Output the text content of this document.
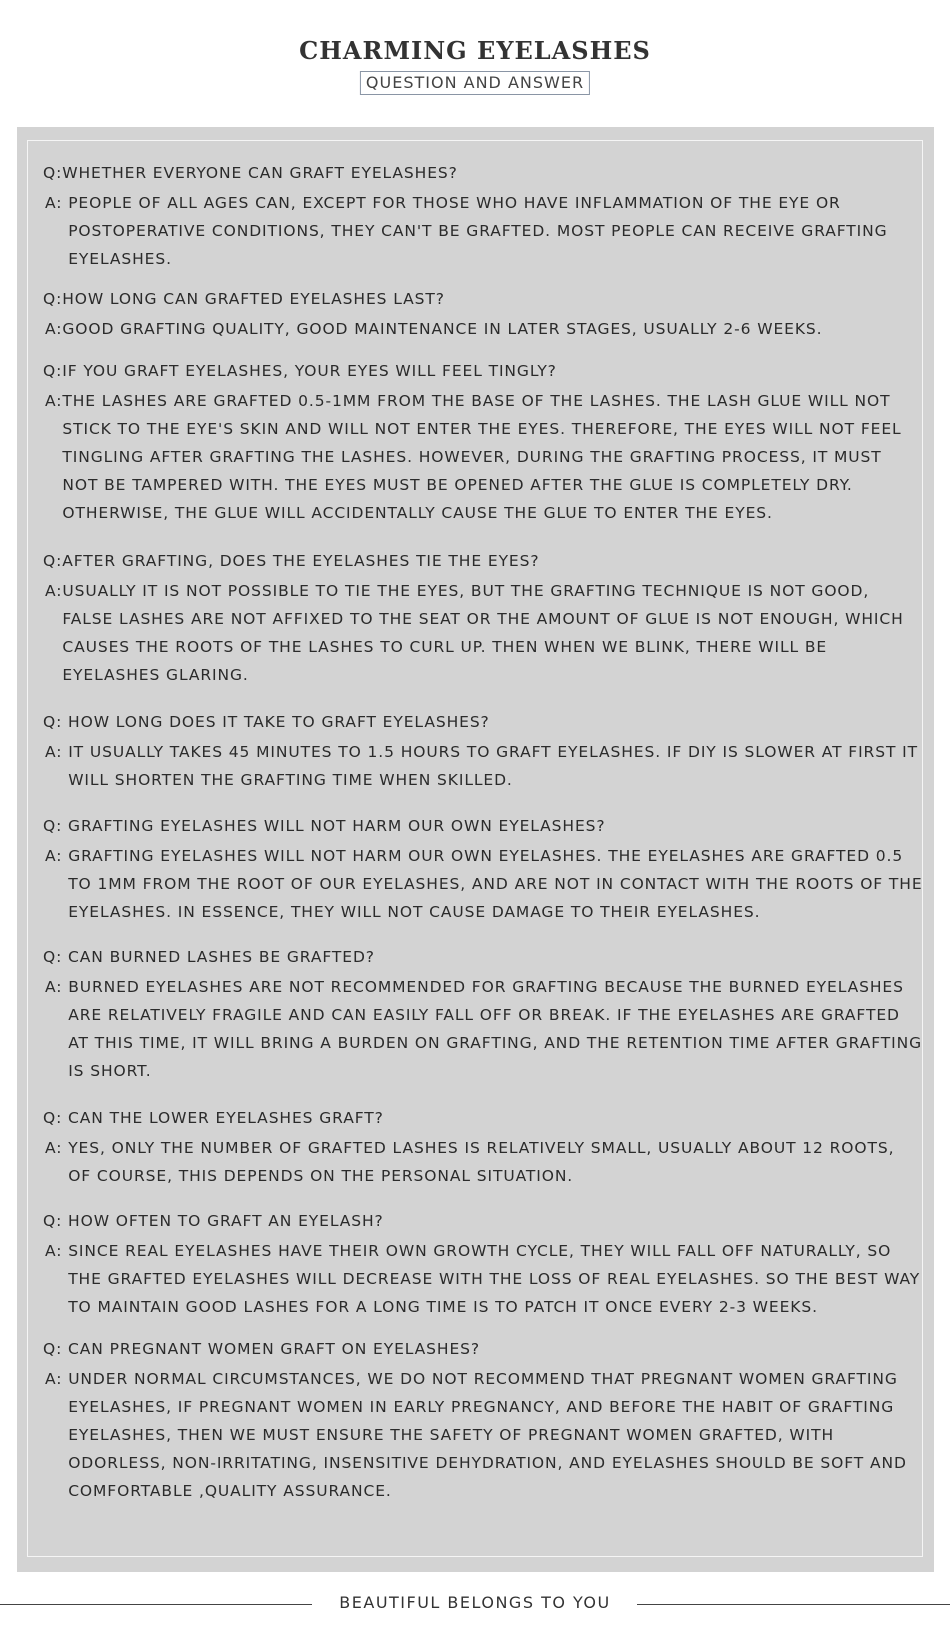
CHARMING EYELASHES
QUESTION AND ANSWER
Q:WHETHER EVERYONE CAN GRAFT EYELASHES?
A: PEOPLE OF ALL AGES CAN, EXCEPT FOR THOSE WHO HAVE INFLAMMATION OF THE EYE OR POSTOPERATIVE CONDITIONS, THEY CAN'T BE GRAFTED. MOST PEOPLE CAN RECEIVE GRAFTING EYELASHES.
Q:HOW LONG CAN GRAFTED EYELASHES LAST?
A: GOOD GRAFTING QUALITY, GOOD MAINTENANCE IN LATER STAGES, USUALLY 2-6 WEEKS.
Q:IF YOU GRAFT EYELASHES, YOUR EYES WILL FEEL TINGLY?
A: THE LASHES ARE GRAFTED 0.5-1MM FROM THE BASE OF THE LASHES. THE LASH GLUE WILL NOT STICK TO THE EYE'S SKIN AND WILL NOT ENTER THE EYES. THEREFORE, THE EYES WILL NOT FEEL TINGLING AFTER GRAFTING THE LASHES. HOWEVER, DURING THE GRAFTING PROCESS, IT MUST NOT BE TAMPERED WITH. THE EYES MUST BE OPENED AFTER THE GLUE IS COMPLETELY DRY. OTHERWISE, THE GLUE WILL ACCIDENTALLY CAUSE THE GLUE TO ENTER THE EYES.
Q:AFTER GRAFTING, DOES THE EYELASHES TIE THE EYES?
A: USUALLY IT IS NOT POSSIBLE TO TIE THE EYES, BUT THE GRAFTING TECHNIQUE IS NOT GOOD, FALSE LASHES ARE NOT AFFIXED TO THE SEAT OR THE AMOUNT OF GLUE IS NOT ENOUGH, WHICH CAUSES THE ROOTS OF THE LASHES TO CURL UP. THEN WHEN WE BLINK, THERE WILL BE EYELASHES GLARING.
Q: HOW LONG DOES IT TAKE TO GRAFT EYELASHES?
A: IT USUALLY TAKES 45 MINUTES TO 1.5 HOURS TO GRAFT EYELASHES. IF DIY IS SLOWER AT FIRST IT WILL SHORTEN THE GRAFTING TIME WHEN SKILLED.
Q: GRAFTING EYELASHES WILL NOT HARM OUR OWN EYELASHES?
A: GRAFTING EYELASHES WILL NOT HARM OUR OWN EYELASHES. THE EYELASHES ARE GRAFTED 0.5 TO 1MM FROM THE ROOT OF OUR EYELASHES, AND ARE NOT IN CONTACT WITH THE ROOTS OF THE EYELASHES. IN ESSENCE, THEY WILL NOT CAUSE DAMAGE TO THEIR EYELASHES.
Q: CAN BURNED LASHES BE GRAFTED?
A: BURNED EYELASHES ARE NOT RECOMMENDED FOR GRAFTING BECAUSE THE BURNED EYELASHES ARE RELATIVELY FRAGILE AND CAN EASILY FALL OFF OR BREAK. IF THE EYELASHES ARE GRAFTED AT THIS TIME, IT WILL BRING A BURDEN ON GRAFTING, AND THE RETENTION TIME AFTER GRAFTING IS SHORT.
Q: CAN THE LOWER EYELASHES GRAFT?
A: YES, ONLY THE NUMBER OF GRAFTED LASHES IS RELATIVELY SMALL, USUALLY ABOUT 12 ROOTS, OF COURSE, THIS DEPENDS ON THE PERSONAL SITUATION.
Q: HOW OFTEN TO GRAFT AN EYELASH?
A: SINCE REAL EYELASHES HAVE THEIR OWN GROWTH CYCLE, THEY WILL FALL OFF NATURALLY, SO THE GRAFTED EYELASHES WILL DECREASE WITH THE LOSS OF REAL EYELASHES. SO THE BEST WAY TO MAINTAIN GOOD LASHES FOR A LONG TIME IS TO PATCH IT ONCE EVERY 2-3 WEEKS.
Q: CAN PREGNANT WOMEN GRAFT ON EYELASHES?
A: UNDER NORMAL CIRCUMSTANCES, WE DO NOT RECOMMEND THAT PREGNANT WOMEN GRAFTING EYELASHES, IF PREGNANT WOMEN IN EARLY PREGNANCY, AND BEFORE THE HABIT OF GRAFTING EYELASHES, THEN WE MUST ENSURE THE SAFETY OF PREGNANT WOMEN GRAFTED, WITH ODORLESS, NON-IRRITATING, INSENSITIVE DEHYDRATION, AND EYELASHES SHOULD BE SOFT AND COMFORTABLE ,QUALITY ASSURANCE.
BEAUTIFUL BELONGS TO YOU
